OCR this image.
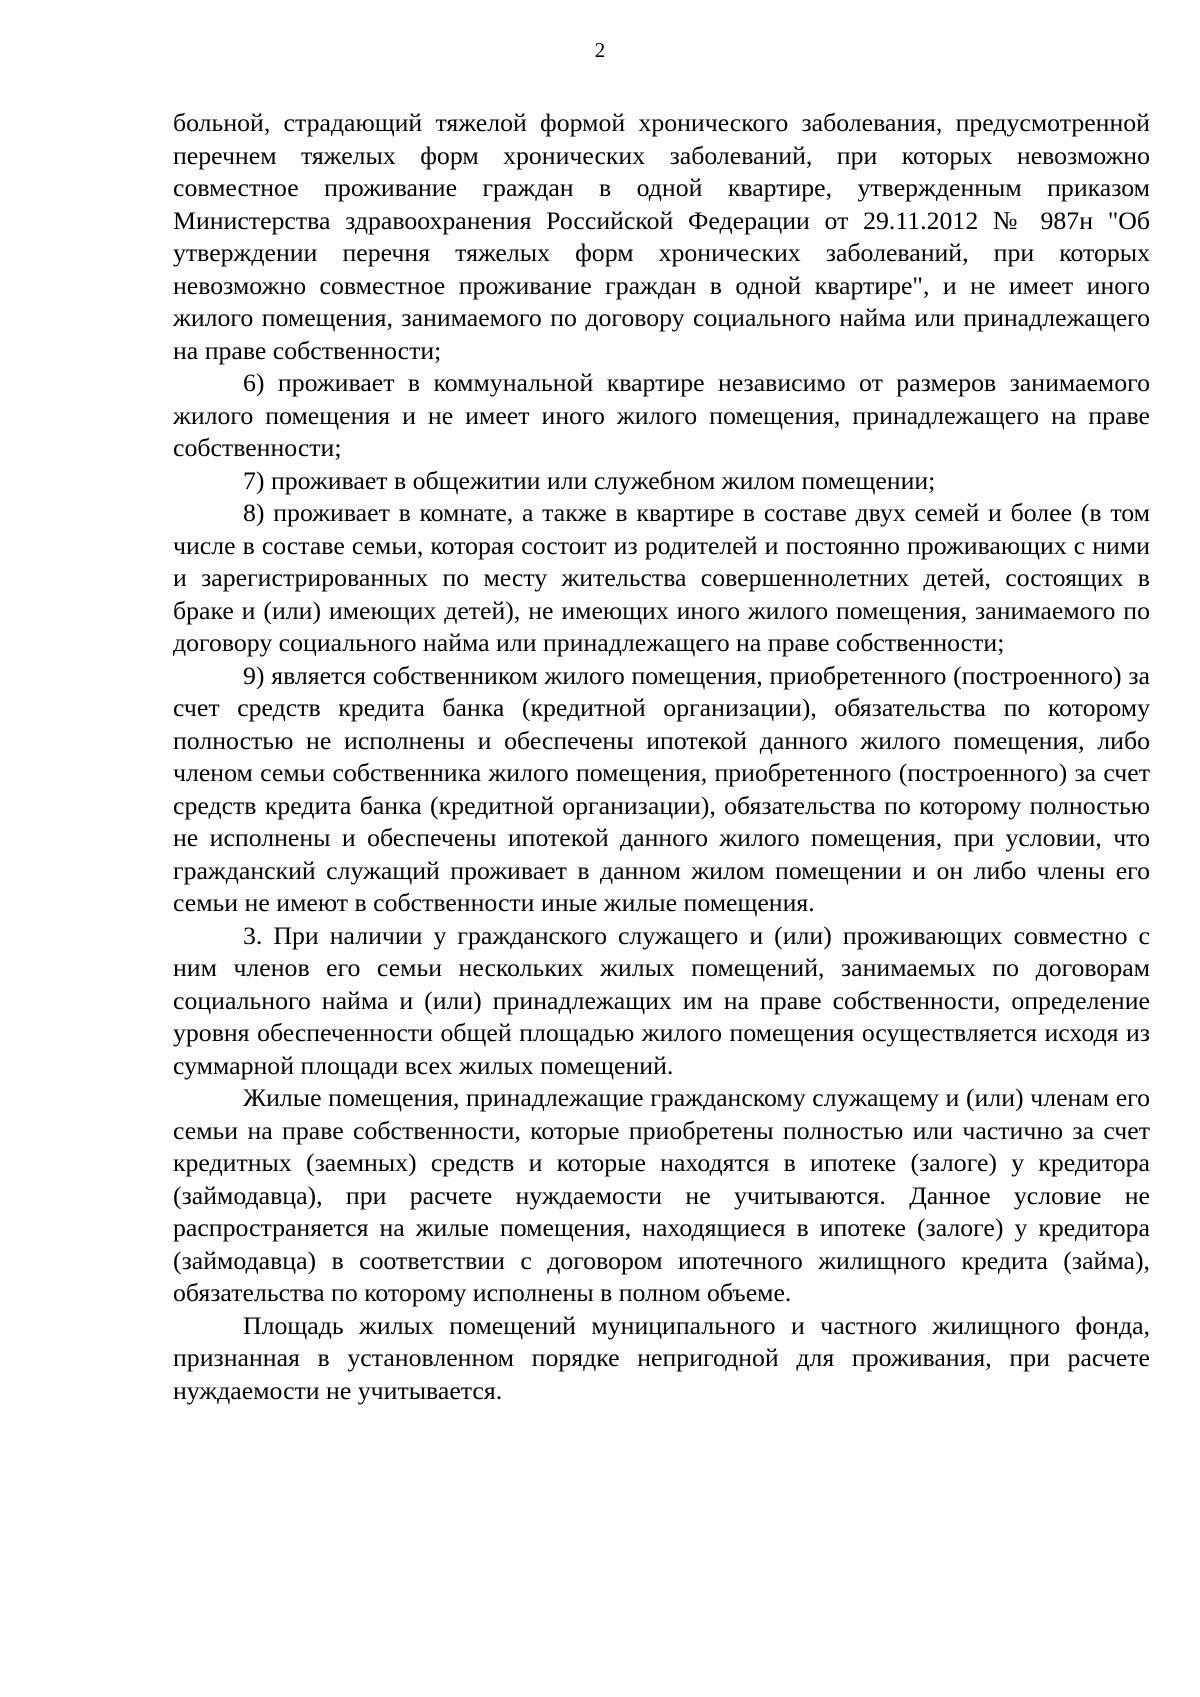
2

больной, страдающий тяжелой формой хронического заболевания, предусмотренной перечнем тяжелых форм хронических заболеваний, при которых невозможно совместное проживание граждан в одной квартире, утвержденным приказом Министерства здравоохранения Российской Федерации от 29.11.2012 № 987н "Об утверждении перечня тяжелых форм хронических заболеваний, при которых невозможно совместное проживание граждан в одной квартире", и не имеет иного жилого помещения, занимаемого по договору социального найма или принадлежащего на праве собственности;

6) проживает в коммунальной квартире независимо от размеров занимаемого жилого помещения и не имеет иного жилого помещения, принадлежащего на праве собственности;

7) проживает в общежитии или служебном жилом помещении;

8) проживает в комнате, а также в квартире в составе двух семей и более (в том числе в составе семьи, которая состоит из родителей и постоянно проживающих с ними и зарегистрированных по месту жительства совершеннолетних детей, состоящих в браке и (или) имеющих детей), не имеющих иного жилого помещения, занимаемого по договору социального найма или принадлежащего на праве собственности;

9) является собственником жилого помещения, приобретенного (построенного) за счет средств кредита банка (кредитной организации), обязательства по которому полностью не исполнены и обеспечены ипотекой данного жилого помещения, либо членом семьи собственника жилого помещения, приобретенного (построенного) за счет средств кредита банка (кредитной организации), обязательства по которому полностью не исполнены и обеспечены ипотекой данного жилого помещения, при условии, что гражданский служащий проживает в данном жилом помещении и он либо члены его семьи не имеют в собственности иные жилые помещения.

3. При наличии у гражданского служащего и (или) проживающих совместно с ним членов его семьи нескольких жилых помещений, занимаемых по договорам социального найма и (или) принадлежащих им на праве собственности, определение уровня обеспеченности общей площадью жилого помещения осуществляется исходя из суммарной площади всех жилых помещений.

Жилые помещения, принадлежащие гражданскому служащему и (или) членам его семьи на праве собственности, которые приобретены полностью или частично за счет кредитных (заемных) средств и которые находятся в ипотеке (залоге) у кредитора (займодавца), при расчете нуждаемости не учитываются. Данное условие не распространяется на жилые помещения, находящиеся в ипотеке (залоге) у кредитора (займодавца) в соответствии с договором ипотечного жилищного кредита (займа), обязательства по которому исполнены в полном объеме.

Площадь жилых помещений муниципального и частного жилищного фонда, признанная в установленном порядке непригодной для проживания, при расчете нуждаемости не учитывается.
